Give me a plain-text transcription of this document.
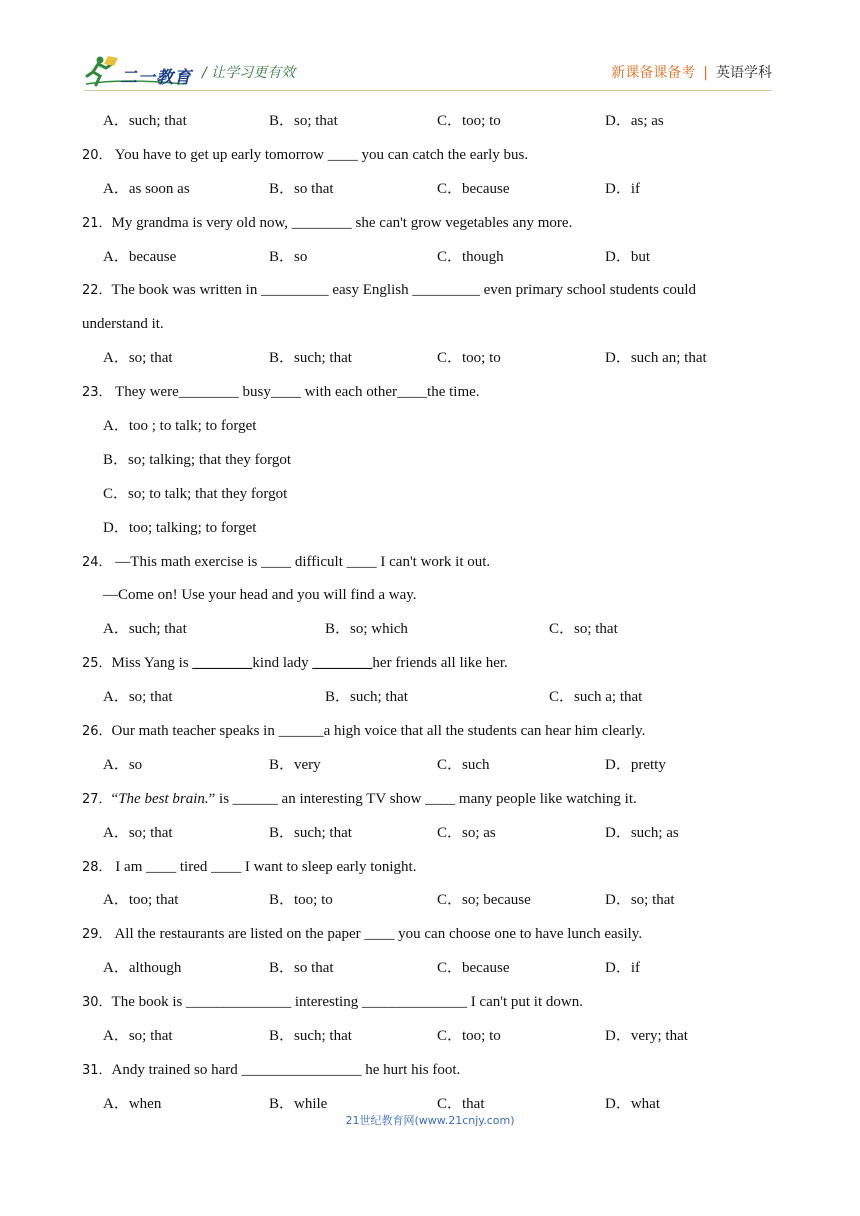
二一教育 / 让学习更有效	新课备课备考 | 英语学科
A．such; that	B．so; that	C．too; to	D．as; as
20． You have to get up early tomorrow ____ you can catch the early bus.
A．as soon as	B．so that	C．because	D．if
21．My grandma is very old now, ________ she can't grow vegetables any more.
A．because	B．so	C．though	D．but
22．The book was written in _________ easy English _________ even primary school students could
understand it.
A．so; that	B．such; that	C．too; to	D．such an; that
23． They were________ busy____ with each other____the time.
A．too ; to talk; to forget
B．so; talking; that they forgot
C．so; to talk; that they forgot
D．too; talking; to forget
24． —This math exercise is ____ difficult ____ I can't work it out.
—Come on! Use your head and you will find a way.
A．such; that	B．so; which	C．so; that
25．Miss Yang is ________kind lady ________her friends all like her.
A．so; that	B．such; that	C．such a; that
26．Our math teacher speaks in ______a high voice that all the students can hear him clearly.
A．so	B．very	C．such	D．pretty
27．“The best brain.” is ______ an interesting TV show ____ many people like watching it.
A．so; that	B．such; that	C．so; as	D．such; as
28． I am ____ tired ____ I want to sleep early tonight.
A．too; that	B．too; to	C．so; because	D．so; that
29． All the restaurants are listed on the paper ____ you can choose one to have lunch easily.
A．although	B．so that	C．because	D．if
30．The book is ______________ interesting ______________ I can't put it down.
A．so; that	B．such; that	C．too; to	D．very; that
31．Andy trained so hard ________________ he hurt his foot.
A．when	B．while	C．that	D．what
21世纪教育网(www.21cnjy.com)
